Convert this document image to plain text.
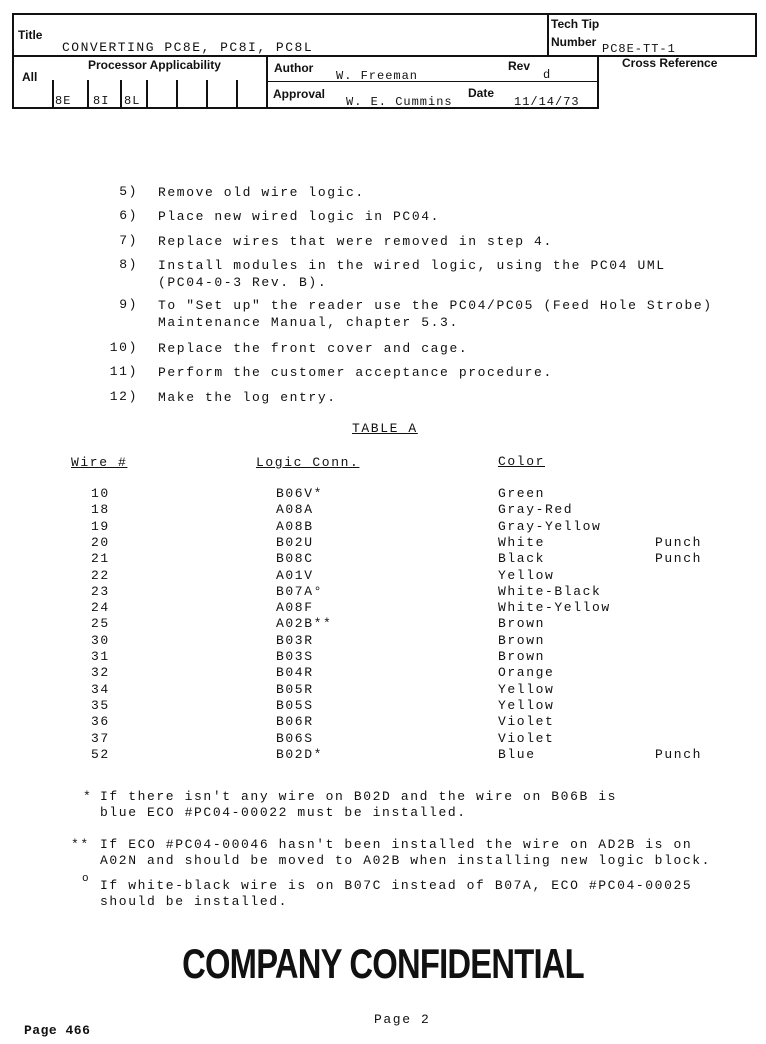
Title
CONVERTING PC8E, PC8I, PC8L
Tech Tip
Number PC8E-TT-1
All
Processor Applicability
8E 8I 8L
Author
W. Freeman
Rev
d
Approval
W. E. Cummins
Date
11/14/73
Cross Reference
5) Remove old wire logic.
6) Place new wired logic in PC04.
7) Replace wires that were removed in step 4.
8) Install modules in the wired logic, using the PC04 UML
(PC04-0-3 Rev. B).
9) To "Set up" the reader use the PC04/PC05 (Feed Hole Strobe)
Maintenance Manual, chapter 5.3.
10) Replace the front cover and cage.
11) Perform the customer acceptance procedure.
12) Make the log entry.
TABLE A
Wire #	Logic Conn.	Color
10	B06V*	Green
18	A08A	Gray-Red
19	A08B	Gray-Yellow
20	B02U	White	Punch
21	B08C	Black	Punch
22	A01V	Yellow
23	B07A°	White-Black
24	A08F	White-Yellow
25	A02B**	Brown
30	B03R	Brown
31	B03S	Brown
32	B04R	Orange
34	B05R	Yellow
35	B05S	Yellow
36	B06R	Violet
37	B06S	Violet
52	B02D*	Blue	Punch
* If there isn't any wire on B02D and the wire on B06B is
blue ECO #PC04-00022 must be installed.
** If ECO #PC04-00046 hasn't been installed the wire on AD2B is on
A02N and should be moved to A02B when installing new logic block.
o If white-black wire is on B07C instead of B07A, ECO #PC04-00025
should be installed.
COMPANY CONFIDENTIAL
Page 2
Page 466
